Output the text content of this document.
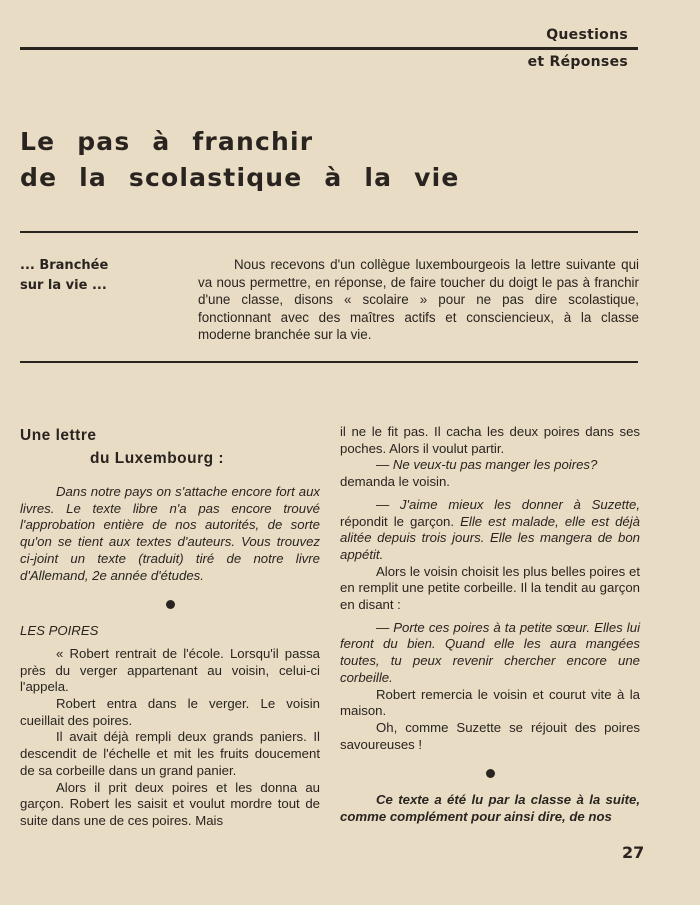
Questions
et Réponses
Le pas à franchir
de la scolastique à la vie
... Branchée
sur la vie ...
Nous recevons d'un collègue luxembourgeois la lettre suivante qui va nous permettre, en réponse, de faire toucher du doigt le pas à franchir d'une classe, disons « scolaire » pour ne pas dire scolastique, fonctionnant avec des maîtres actifs et consciencieux, à la classe moderne branchée sur la vie.
Une lettre
du Luxembourg :

Dans notre pays on s'attache encore fort aux livres. Le texte libre n'a pas encore trouvé l'approbation entière de nos autorités, de sorte qu'on se tient aux textes d'auteurs. Vous trouvez ci-joint un texte (traduit) tiré de notre livre d'Allemand, 2e année d'études.

LES POIRES

« Robert rentrait de l'école. Lorsqu'il passa près du verger appartenant au voisin, celui-ci l'appela.

Robert entra dans le verger. Le voisin cueillait des poires.

Il avait déjà rempli deux grands paniers. Il descendit de l'échelle et mit les fruits doucement de sa corbeille dans un grand panier.

Alors il prit deux poires et les donna au garçon. Robert les saisit et voulut mordre tout de suite dans une de ces poires. Mais

il ne le fit pas. Il cacha les deux poires dans ses poches. Alors il voulut partir.

— Ne veux-tu pas manger les poires?

demanda le voisin.

— J'aime mieux les donner à Suzette, répondit le garçon. Elle est malade, elle est déjà alitée depuis trois jours. Elle les mangera de bon appétit.

Alors le voisin choisit les plus belles poires et en remplit une petite corbeille. Il la tendit au garçon en disant :

— Porte ces poires à ta petite sœur. Elles lui feront du bien. Quand elle les aura mangées toutes, tu peux revenir chercher encore une corbeille.

Robert remercia le voisin et courut vite à la maison.

Oh, comme Suzette se réjouit des poires savoureuses !

Ce texte a été lu par la classe à la suite, comme complément pour ainsi dire, de nos

27
